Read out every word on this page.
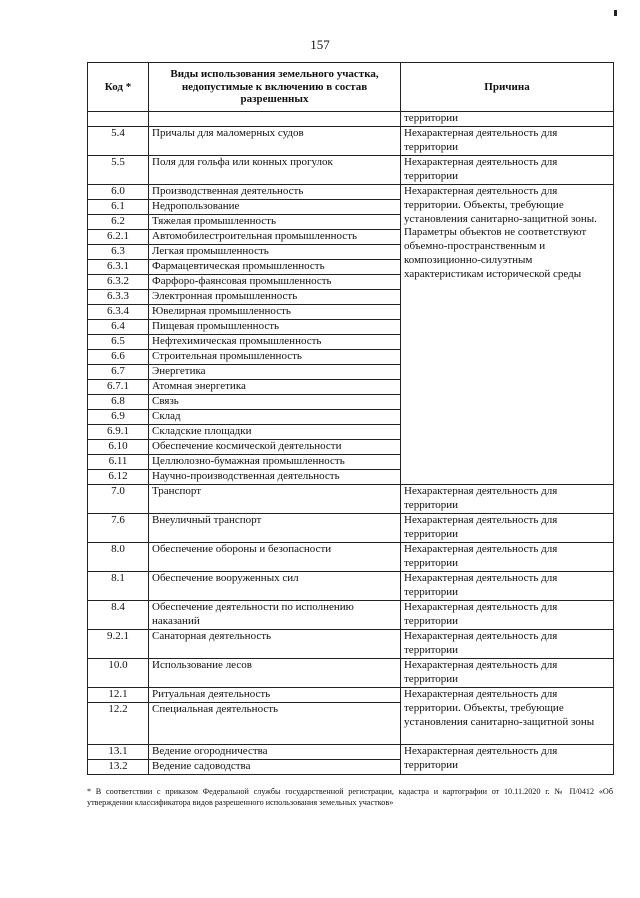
157
Код *	Виды использования земельного участка, недопустимые к включению в состав разрешенных	Причина
		территории
5.4	Причалы для маломерных судов	Нехарактерная деятельность для территории
5.5	Поля для гольфа или конных прогулок	Нехарактерная деятельность для территории
6.0	Производственная деятельность	Нехарактерная деятельность для территории. Объекты, требующие установления санитарно-защитной зоны. Параметры объектов не соответствуют объемно-пространственным и композиционно-силуэтным характеристикам исторической среды
6.1	Недропользование	
6.2	Тяжелая промышленность	
6.2.1	Автомобилестроительная промышленность	
6.3	Легкая промышленность	
6.3.1	Фармацевтическая промышленность	
6.3.2	Фарфоро-фаянсовая промышленность	
6.3.3	Электронная промышленность	
6.3.4	Ювелирная промышленность	
6.4	Пищевая промышленность	
6.5	Нефтехимическая промышленность	
6.6	Строительная промышленность	
6.7	Энергетика	
6.7.1	Атомная энергетика	
6.8	Связь	
6.9	Склад	
6.9.1	Складские площадки	
6.10	Обеспечение космической деятельности	
6.11	Целлюлозно-бумажная промышленность	
6.12	Научно-производственная деятельность	
7.0	Транспорт	Нехарактерная деятельность для территории
7.6	Внеуличный транспорт	Нехарактерная деятельность для территории
8.0	Обеспечение обороны и безопасности	Нехарактерная деятельность для территории
8.1	Обеспечение вооруженных сил	Нехарактерная деятельность для территории
8.4	Обеспечение деятельности по исполнению наказаний	Нехарактерная деятельность для территории
9.2.1	Санаторная деятельность	Нехарактерная деятельность для территории
10.0	Использование лесов	Нехарактерная деятельность для территории
12.1	Ритуальная деятельность	Нехарактерная деятельность для территории. Объекты, требующие установления санитарно-защитной зоны
12.2	Специальная деятельность	
13.1	Ведение огородничества	Нехарактерная деятельность для территории
13.2	Ведение садоводства	
* В соответствии с приказом Федеральной службы государственной регистрации, кадастра и картографии от 10.11.2020 г. № П/0412 «Об утверждении классификатора видов разрешенного использования земельных участков»
